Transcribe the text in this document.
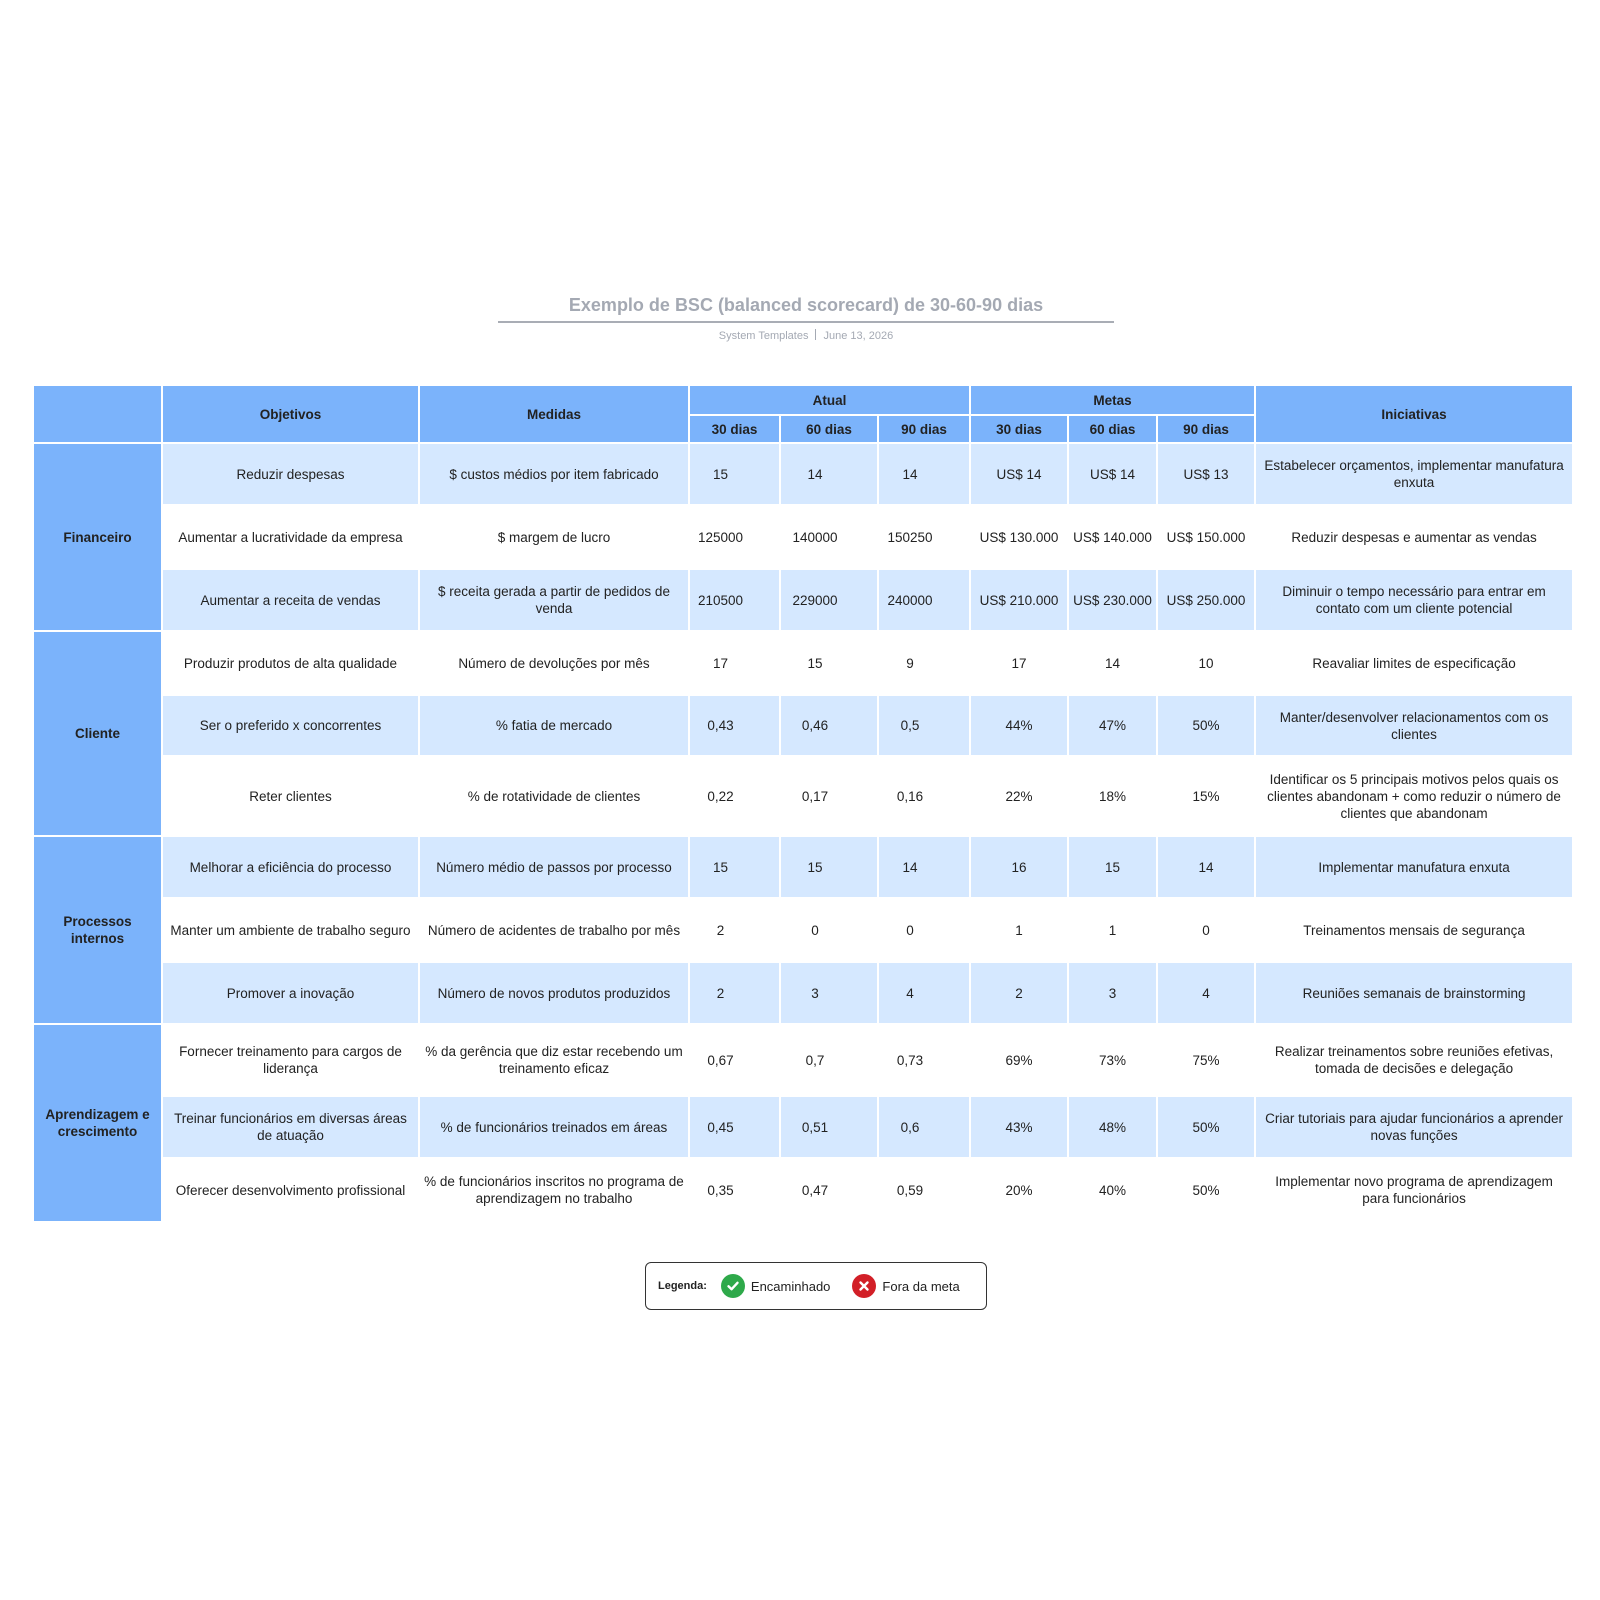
Exemplo de BSC (balanced scorecard) de 30-60-90 dias
System Templates June 13, 2026
	Objetivos	Medidas	Atual			Metas			Iniciativas
			30 dias	60 dias	90 dias	30 dias	60 dias	90 dias	
Financeiro	Reduzir despesas	$ custos médios por item fabricado	15	14	14	US$ 14	US$ 14	US$ 13	Estabelecer orçamentos, implementar manufatura enxuta
	Aumentar a lucratividade da empresa	$ margem de lucro	125000	140000	150250	US$ 130.000	US$ 140.000	US$ 150.000	Reduzir despesas e aumentar as vendas
	Aumentar a receita de vendas	$ receita gerada a partir de pedidos de venda	210500	229000	240000	US$ 210.000	US$ 230.000	US$ 250.000	Diminuir o tempo necessário para entrar em contato com um cliente potencial
Cliente	Produzir produtos de alta qualidade	Número de devoluções por mês	17	15	9	17	14	10	Reavaliar limites de especificação
	Ser o preferido x concorrentes	% fatia de mercado	0,43	0,46	0,5	44%	47%	50%	Manter/desenvolver relacionamentos com os clientes
	Reter clientes	% de rotatividade de clientes	0,22	0,17	0,16	22%	18%	15%	Identificar os 5 principais motivos pelos quais os clientes abandonam + como reduzir o número de clientes que abandonam
Processos internos	Melhorar a eficiência do processo	Número médio de passos por processo	15	15	14	16	15	14	Implementar manufatura enxuta
	Manter um ambiente de trabalho seguro	Número de acidentes de trabalho por mês	2	0	0	1	1	0	Treinamentos mensais de segurança
	Promover a inovação	Número de novos produtos produzidos	2	3	4	2	3	4	Reuniões semanais de brainstorming
Aprendizagem e crescimento	Fornecer treinamento para cargos de liderança	% da gerência que diz estar recebendo um treinamento eficaz	0,67	0,7	0,73	69%	73%	75%	Realizar treinamentos sobre reuniões efetivas, tomada de decisões e delegação
	Treinar funcionários em diversas áreas de atuação	% de funcionários treinados em áreas	0,45	0,51	0,6	43%	48%	50%	Criar tutoriais para ajudar funcionários a aprender novas funções
	Oferecer desenvolvimento profissional	% de funcionários inscritos no programa de aprendizagem no trabalho	0,35	0,47	0,59	20%	40%	50%	Implementar novo programa de aprendizagem para funcionários
Legenda:	Encaminhado	Fora da meta
